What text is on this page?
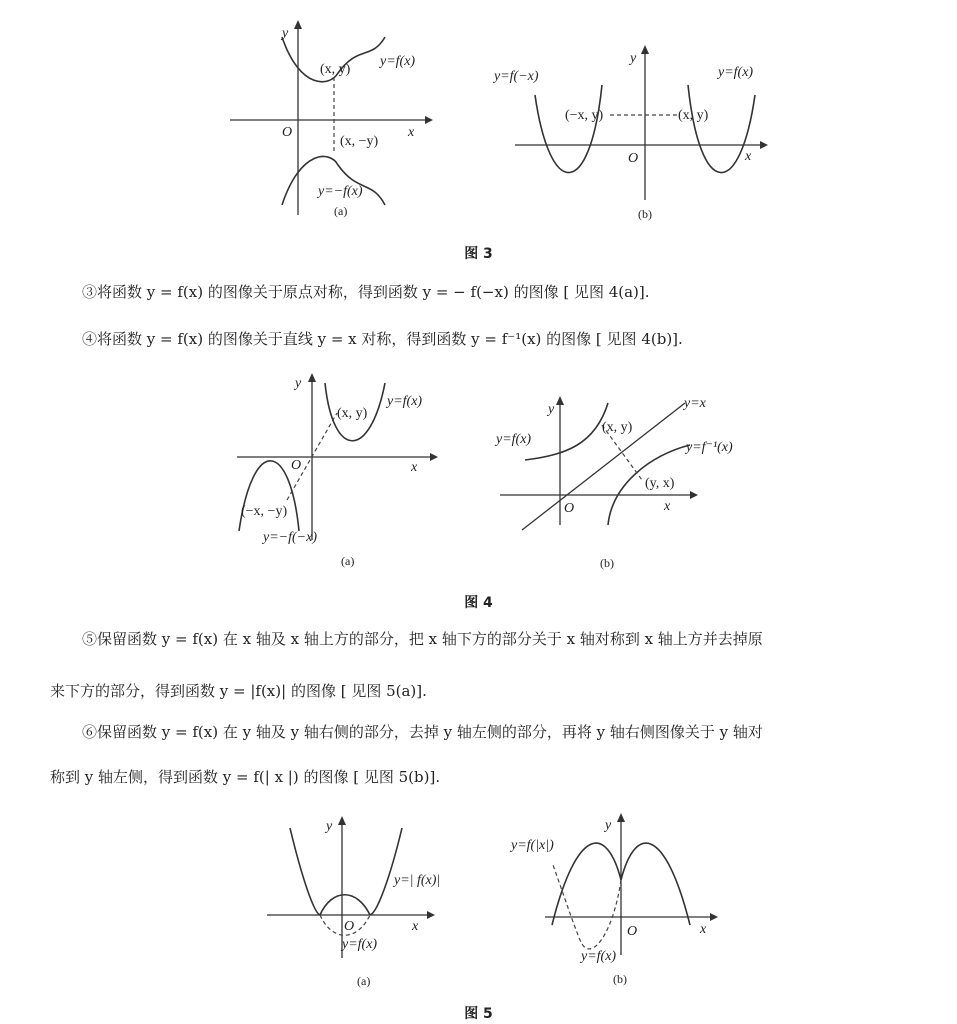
y
x
O
(x, y)
(x, −y)
y=f(x)
y=−f(x)
(a)
y
x
O
(−x, y)	(x, y)
y=f(−x)	y=f(x)
(b)
图 3
③将函数 y = f(x) 的图像关于原点对称，得到函数 y = − f(−x) 的图像 [ 见图 4(a)].
④将函数 y = f(x) 的图像关于直线 y = x 对称，得到函数 y = f⁻¹(x) 的图像 [ 见图 4(b)].
y
x
O
(x, y)
(−x, −y)
y=f(x)
y=−f(−x)
(a)
y
x
O
(x, y)
(y, x)
y=f(x)
y=f⁻¹(x)
y=x
(b)
图 4
⑤保留函数 y = f(x) 在 x 轴及 x 轴上方的部分，把 x 轴下方的部分关于 x 轴对称到 x 轴上方并去掉原
来下方的部分，得到函数 y = |f(x)| 的图像 [ 见图 5(a)].
⑥保留函数 y = f(x) 在 y 轴及 y 轴右侧的部分，去掉 y 轴左侧的部分，再将 y 轴右侧图像关于 y 轴对
称到 y 轴左侧，得到函数 y = f(| x |) 的图像 [ 见图 5(b)].
y
x
O
y=| f(x)|
y=f(x)
(a)
y
x
O
y=f(|x|)
y=f(x)
(b)
图 5
